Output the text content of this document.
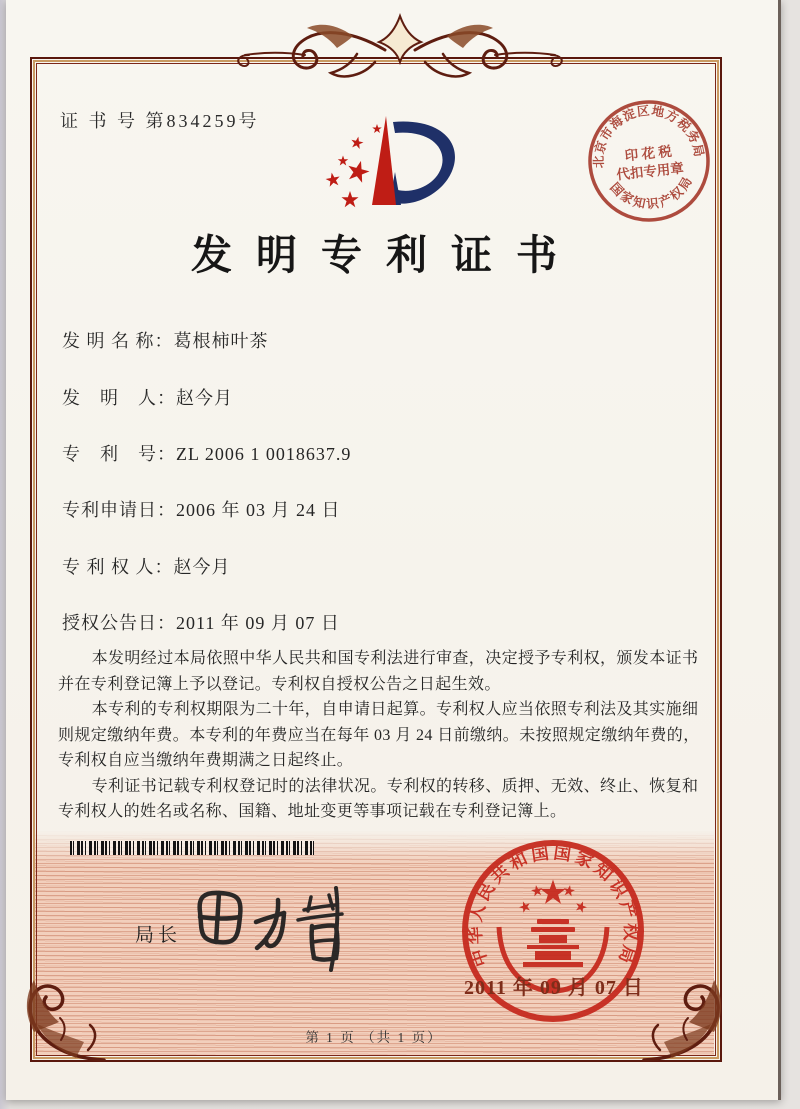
证 书 号 第834259号
北京市海淀区地方税务局
国家知识产权局
印 花 税
代扣专用章
发明专利证书
发 明 名 称：葛根柿叶茶
发　明　人：赵今月
专　利　号：ZL 2006 1 0018637.9
专利申请日：2006 年 03 月 24 日
专 利 权 人：赵今月
授权公告日：2011 年 09 月 07 日

本发明经过本局依照中华人民共和国专利法进行审查，决定授予专利权，颁发本证书并在专利登记簿上予以登记。专利权自授权公告之日起生效。

本专利的专利权期限为二十年，自申请日起算。专利权人应当依照专利法及其实施细则规定缴纳年费。本专利的年费应当在每年 03 月 24 日前缴纳。未按照规定缴纳年费的，专利权自应当缴纳年费期满之日起终止。

专利证书记载专利权登记时的法律状况。专利权的转移、质押、无效、终止、恢复和专利权人的姓名或名称、国籍、地址变更等事项记载在专利登记簿上。

局长
中华人民共和国国家知识产权局
2011 年 09 月 07 日
第 1 页 （共 1 页）
